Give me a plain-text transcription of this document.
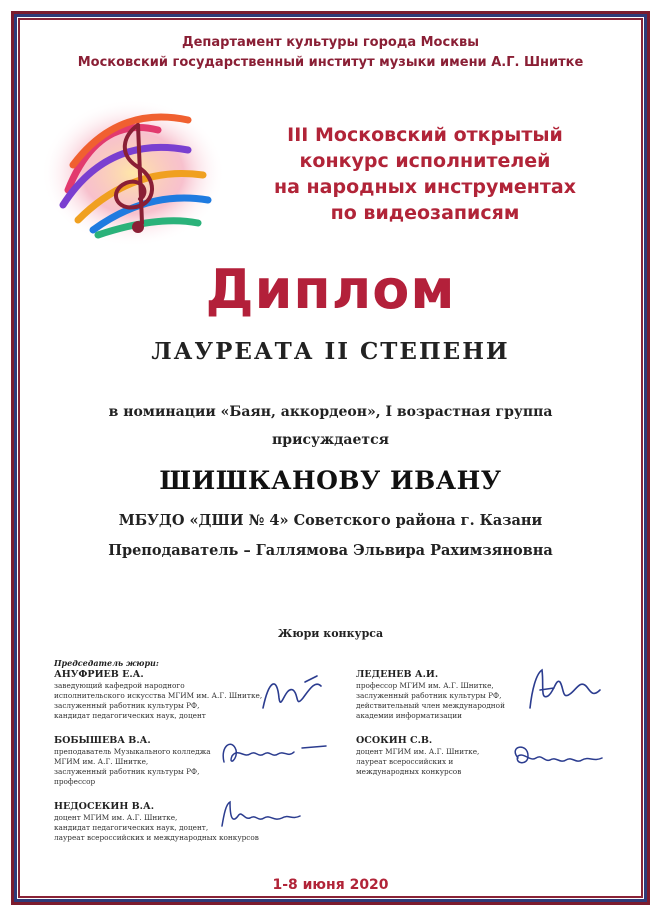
Департамент культуры города Москвы
Московский государственный институт музыки имени А.Г. Шнитке
III Московский открытый
конкурс исполнителей
на народных инструментах
по видеозаписям
Диплом
ЛАУРЕАТА II СТЕПЕНИ
в номинации «Баян, аккордеон», I возрастная группа
присуждается
ШИШКАНОВУ ИВАНУ
МБУДО «ДШИ № 4» Советского района г. Казани
Преподаватель – Галлямова Эльвира Рахимзяновна
Жюри конкурса
Председатель жюри:
АНУФРИЕВ Е.А.
заведующий кафедрой народного
исполнительского искусства МГИМ им. А.Г. Шнитке,
заслуженный работник культуры РФ,
кандидат педагогических наук, доцент
ЛЕДЕНЕВ А.И.
профессор МГИМ им. А.Г. Шнитке,
заслуженный работник культуры РФ,
действительный член международной
академии информатизации
БОБЫШЕВА В.А.
преподаватель Музыкального колледжа
МГИМ им. А.Г. Шнитке,
заслуженный работник культуры РФ,
профессор
ОСОКИН С.В.
доцент МГИМ им. А.Г. Шнитке,
лауреат всероссийских и
международных конкурсов
НЕДОСЕКИН В.А.
доцент МГИМ им. А.Г. Шнитке,
кандидат педагогических наук, доцент,
лауреат всероссийских и международных конкурсов
1-8 июня 2020
